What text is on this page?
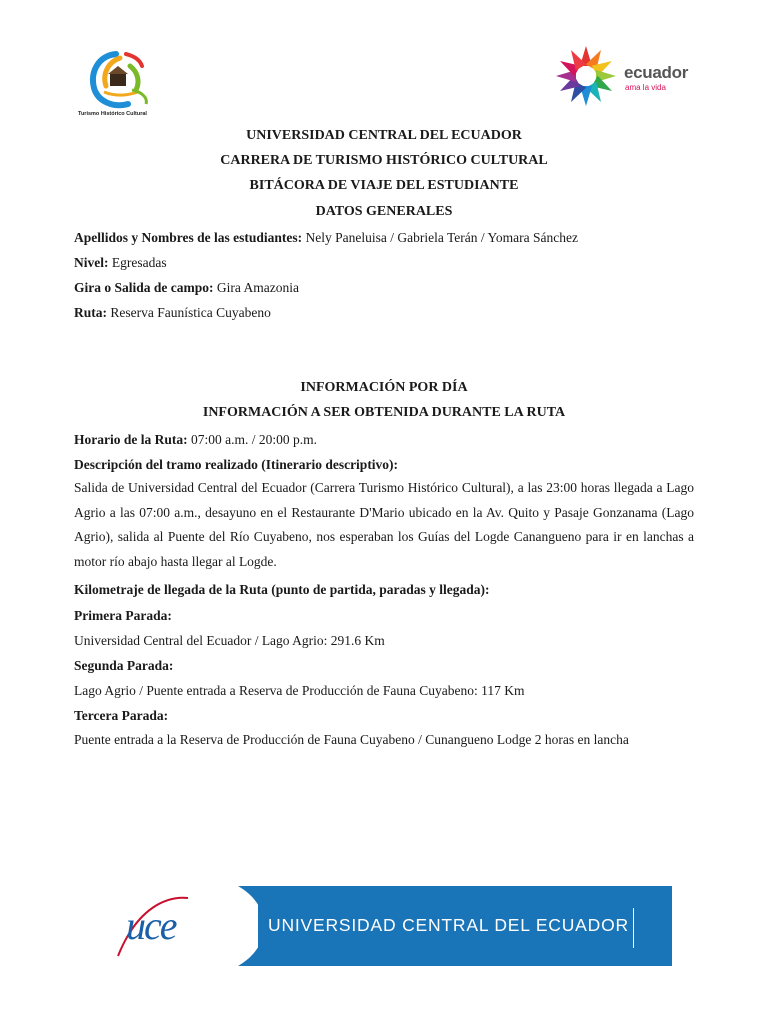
Turismo Histórico Cultural
ecuador
ama la vida
UNIVERSIDAD CENTRAL DEL ECUADOR
CARRERA DE TURISMO HISTÓRICO CULTURAL
BITÁCORA DE VIAJE DEL ESTUDIANTE
DATOS GENERALES
Apellidos y Nombres de las estudiantes: Nely Paneluisa / Gabriela Terán / Yomara Sánchez
Nivel: Egresadas
Gira o Salida de campo: Gira Amazonia
Ruta: Reserva Faunística Cuyabeno
INFORMACIÓN POR DÍA
INFORMACIÓN A SER OBTENIDA DURANTE LA RUTA
Horario de la Ruta: 07:00 a.m. / 20:00 p.m.
Descripción del tramo realizado (Itinerario descriptivo):
Salida de Universidad Central del Ecuador (Carrera Turismo Histórico Cultural), a las 23:00 horas llegada a Lago Agrio a las 07:00 a.m., desayuno en el Restaurante D'Mario ubicado en la Av. Quito y Pasaje Gonzanama (Lago Agrio), salida al Puente del Río Cuyabeno, nos esperaban los Guías del Logde Canangueno para ir en lanchas a motor río abajo hasta llegar al Logde.
Kilometraje de llegada de la Ruta (punto de partida, paradas y llegada):
Primera Parada:
Universidad Central del Ecuador / Lago Agrio: 291.6 Km
Segunda Parada:
Lago Agrio / Puente entrada a Reserva de Producción de Fauna Cuyabeno: 117 Km
Tercera Parada:
Puente entrada a la Reserva de Producción de Fauna Cuyabeno / Cunangueno Lodge 2 horas en lancha
uce	UNIVERSIDAD CENTRAL DEL ECUADOR
